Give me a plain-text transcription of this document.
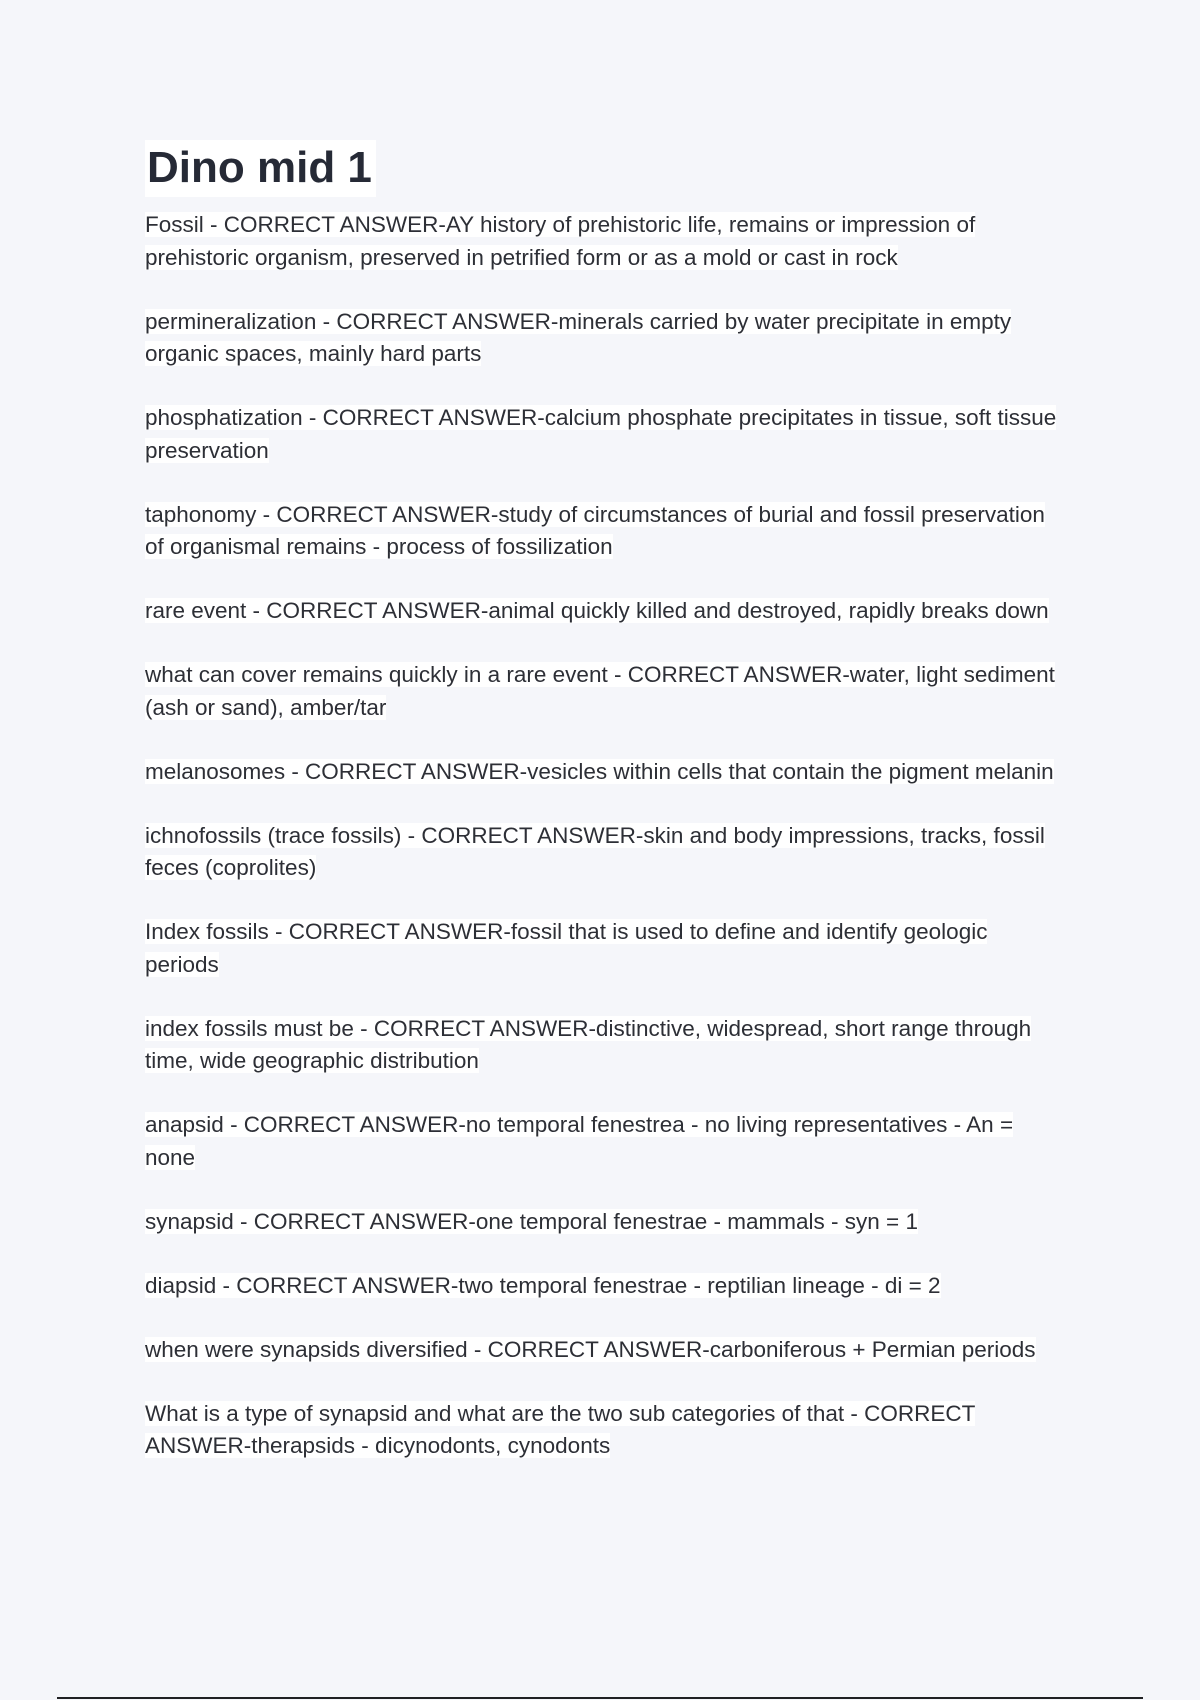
Dino mid 1
Fossil - CORRECT ANSWER-AY history of prehistoric life, remains or impression of prehistoric organism, preserved in petrified form or as a mold or cast in rock
permineralization - CORRECT ANSWER-minerals carried by water precipitate in empty organic spaces, mainly hard parts
phosphatization - CORRECT ANSWER-calcium phosphate precipitates in tissue, soft tissue preservation
taphonomy - CORRECT ANSWER-study of circumstances of burial and fossil preservation of organismal remains - process of fossilization
rare event - CORRECT ANSWER-animal quickly killed and destroyed, rapidly breaks down
what can cover remains quickly in a rare event - CORRECT ANSWER-water, light sediment (ash or sand), amber/tar
melanosomes - CORRECT ANSWER-vesicles within cells that contain the pigment melanin
ichnofossils (trace fossils) - CORRECT ANSWER-skin and body impressions, tracks, fossil feces (coprolites)
Index fossils - CORRECT ANSWER-fossil that is used to define and identify geologic periods
index fossils must be - CORRECT ANSWER-distinctive, widespread, short range through time, wide geographic distribution
anapsid - CORRECT ANSWER-no temporal fenestrea - no living representatives - An = none
synapsid - CORRECT ANSWER-one temporal fenestrae - mammals - syn = 1
diapsid - CORRECT ANSWER-two temporal fenestrae - reptilian lineage - di = 2
when were synapsids diversified - CORRECT ANSWER-carboniferous + Permian periods
What is a type of synapsid and what are the two sub categories of that - CORRECT ANSWER-therapsids - dicynodonts, cynodonts
